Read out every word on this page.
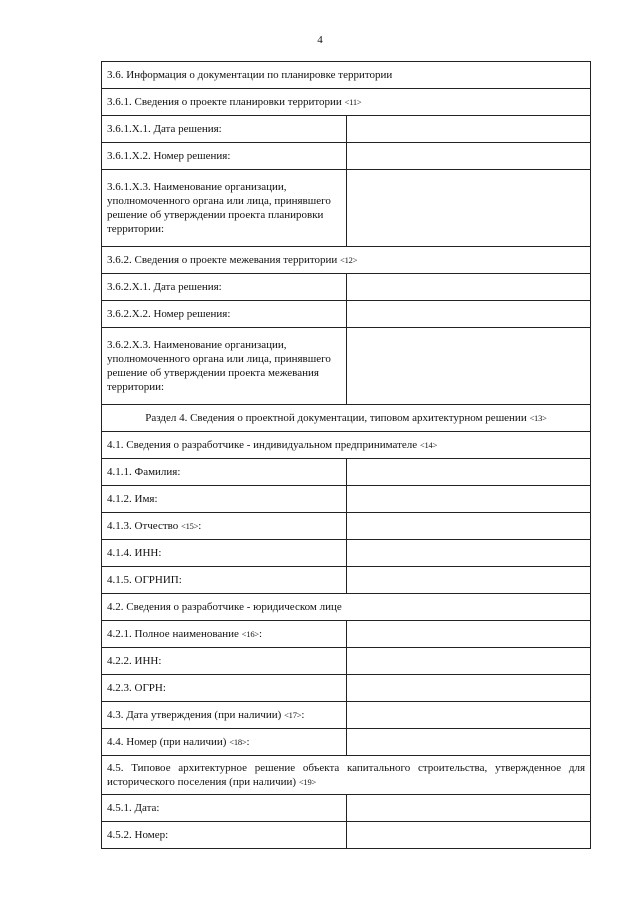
4
3.6. Информация о документации по планировке территории	
3.6.1. Сведения о проекте планировки территории <11>	
3.6.1.Х.1. Дата решения:	
3.6.1.Х.2. Номер решения:	
3.6.1.Х.3. Наименование организации, уполномоченного органа или лица, принявшего решение об утверждении проекта планировки территории:	
3.6.2. Сведения о проекте межевания территории <12>	
3.6.2.Х.1. Дата решения:	
3.6.2.Х.2. Номер решения:	
3.6.2.Х.3. Наименование организации, уполномоченного органа или лица, принявшего решение об утверждении проекта межевания территории:	
Раздел 4. Сведения о проектной документации, типовом архитектурном решении <13>	
4.1. Сведения о разработчике - индивидуальном предпринимателе <14>	
4.1.1. Фамилия:	
4.1.2. Имя:	
4.1.3. Отчество <15>:	
4.1.4. ИНН:	
4.1.5. ОГРНИП:	
4.2. Сведения о разработчике - юридическом лице	
4.2.1. Полное наименование <16>:	
4.2.2. ИНН:	
4.2.3. ОГРН:	
4.3. Дата утверждения (при наличии) <17>:	
4.4. Номер (при наличии) <18>:	
4.5. Типовое архитектурное решение объекта капитального строительства, утвержденное для исторического поселения (при наличии) <19>	
4.5.1. Дата:	
4.5.2. Номер:	
